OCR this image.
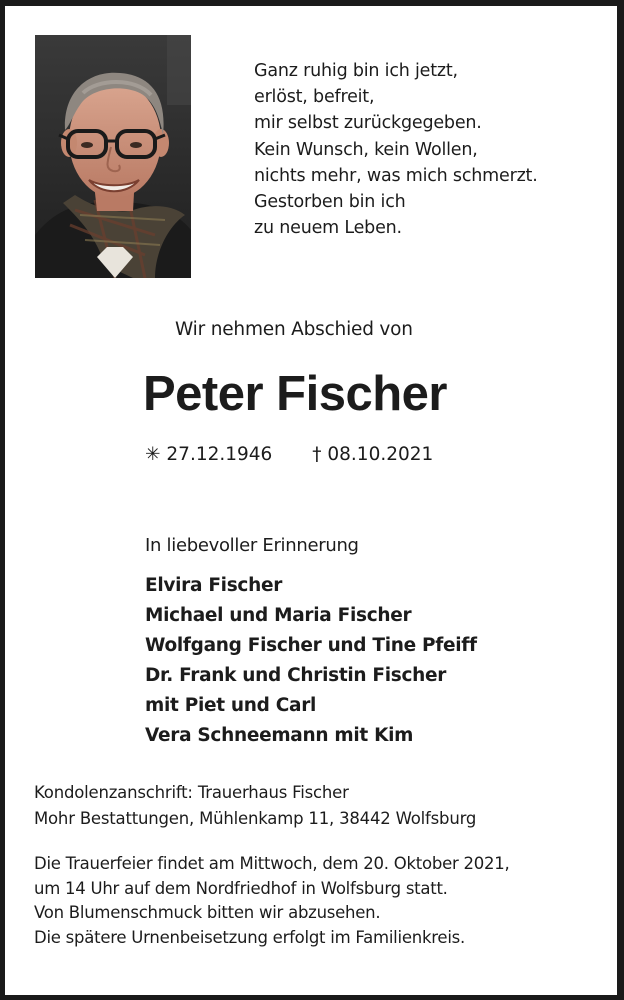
Ganz ruhig bin ich jetzt,
erlöst, befreit,
mir selbst zurückgegeben.
Kein Wunsch, kein Wollen,
nichts mehr, was mich schmerzt.
Gestorben bin ich
zu neuem Leben.
Wir nehmen Abschied von
Peter Fischer
✳ 27.12.1946 † 08.10.2021
In liebevoller Erinnerung
Elvira Fischer
Michael und Maria Fischer
Wolfgang Fischer und Tine Pfeiff
Dr. Frank und Christin Fischer
mit Piet und Carl
Vera Schneemann mit Kim
Kondolenzanschrift: Trauerhaus Fischer
Mohr Bestattungen, Mühlenkamp 11, 38442 Wolfsburg
Die Trauerfeier findet am Mittwoch, dem 20. Oktober 2021,
um 14 Uhr auf dem Nordfriedhof in Wolfsburg statt.
Von Blumenschmuck bitten wir abzusehen.
Die spätere Urnenbeisetzung erfolgt im Familienkreis.
